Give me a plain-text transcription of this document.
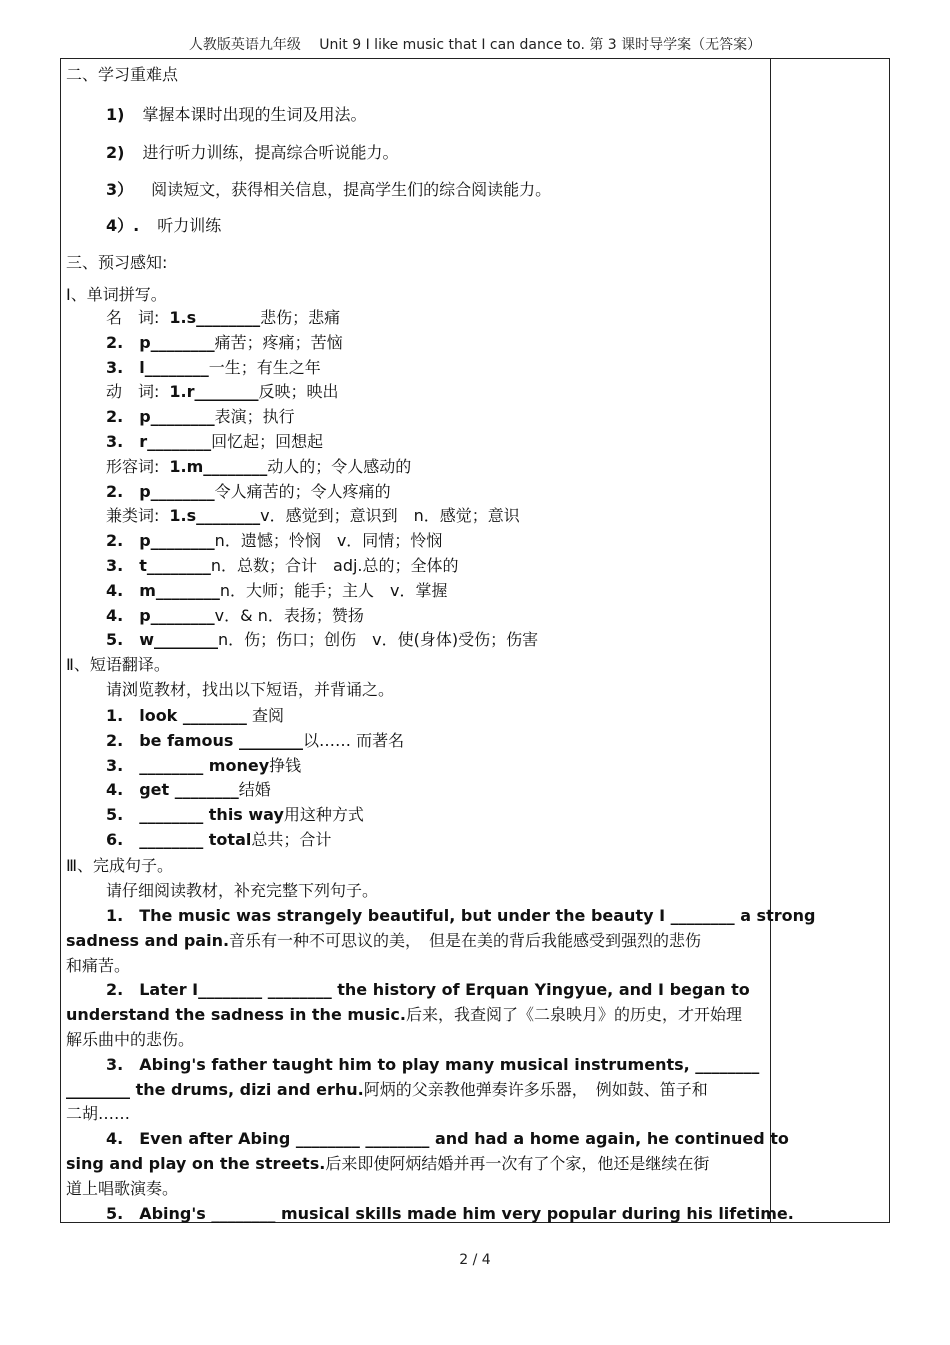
人教版英语九年级　 Unit 9 I like music that I can dance to. 第 3 课时导学案（无答案）
二、学习重难点
1) 掌握本课时出现的生词及用法。
2) 进行听力训练，提高综合听说能力。
3） 阅读短文，获得相关信息，提高学生们的综合阅读能力。
4）. 听力训练
三、预习感知:
Ⅰ、单词拼写。
名　词: 1.s________悲伤；悲痛
2.　p________痛苦；疼痛；苦恼
3.　l________一生；有生之年
动　词: 1.r________反映；映出
2.　p________表演；执行
3.　r________回忆起；回想起
形容词: 1.m________动人的；令人感动的
2.　p________令人痛苦的；令人疼痛的
兼类词: 1.s________v．感觉到；意识到　n．感觉；意识
2.　p________n．遗憾；怜悯　v．同情；怜悯
3.　t________n．总数；合计　adj.总的；全体的
4.　m________n．大师；能手；主人　v．掌握
4.　p________v．& n．表扬；赞扬
5.　w________n．伤；伤口；创伤　v．使(身体)受伤；伤害
Ⅱ、短语翻译。
请浏览教材，找出以下短语，并背诵之。
1.　look ________ 查阅
2.　be famous ________以…… 而著名
3.　________ money挣钱
4.　get ________结婚
5.　________ this way用这种方式
6.　________ total总共；合计
Ⅲ、完成句子。
请仔细阅读教材，补充完整下列句子。
1.　The music was strangely beautiful, but under the beauty I ________ a strong
sadness and pain.音乐有一种不可思议的美，　但是在美的背后我能感受到强烈的悲伤
和痛苦。
2.　Later I________ ________ the history of Erquan Yingyue, and I began to
understand the sadness in the music.后来，我查阅了《二泉映月》的历史，才开始理
解乐曲中的悲伤。
3.　Abing's father taught him to play many musical instruments, ________
________ the drums, dizi and erhu.阿炳的父亲教他弹奏许多乐器，　例如鼓、笛子和
二胡……
4.　Even after Abing ________ ________ and had a home again, he continued to
sing and play on the streets.后来即使阿炳结婚并再一次有了个家，他还是继续在街
道上唱歌演奏。
5.　Abing's ________ musical skills made him very popular during his lifetime.
2 / 4
